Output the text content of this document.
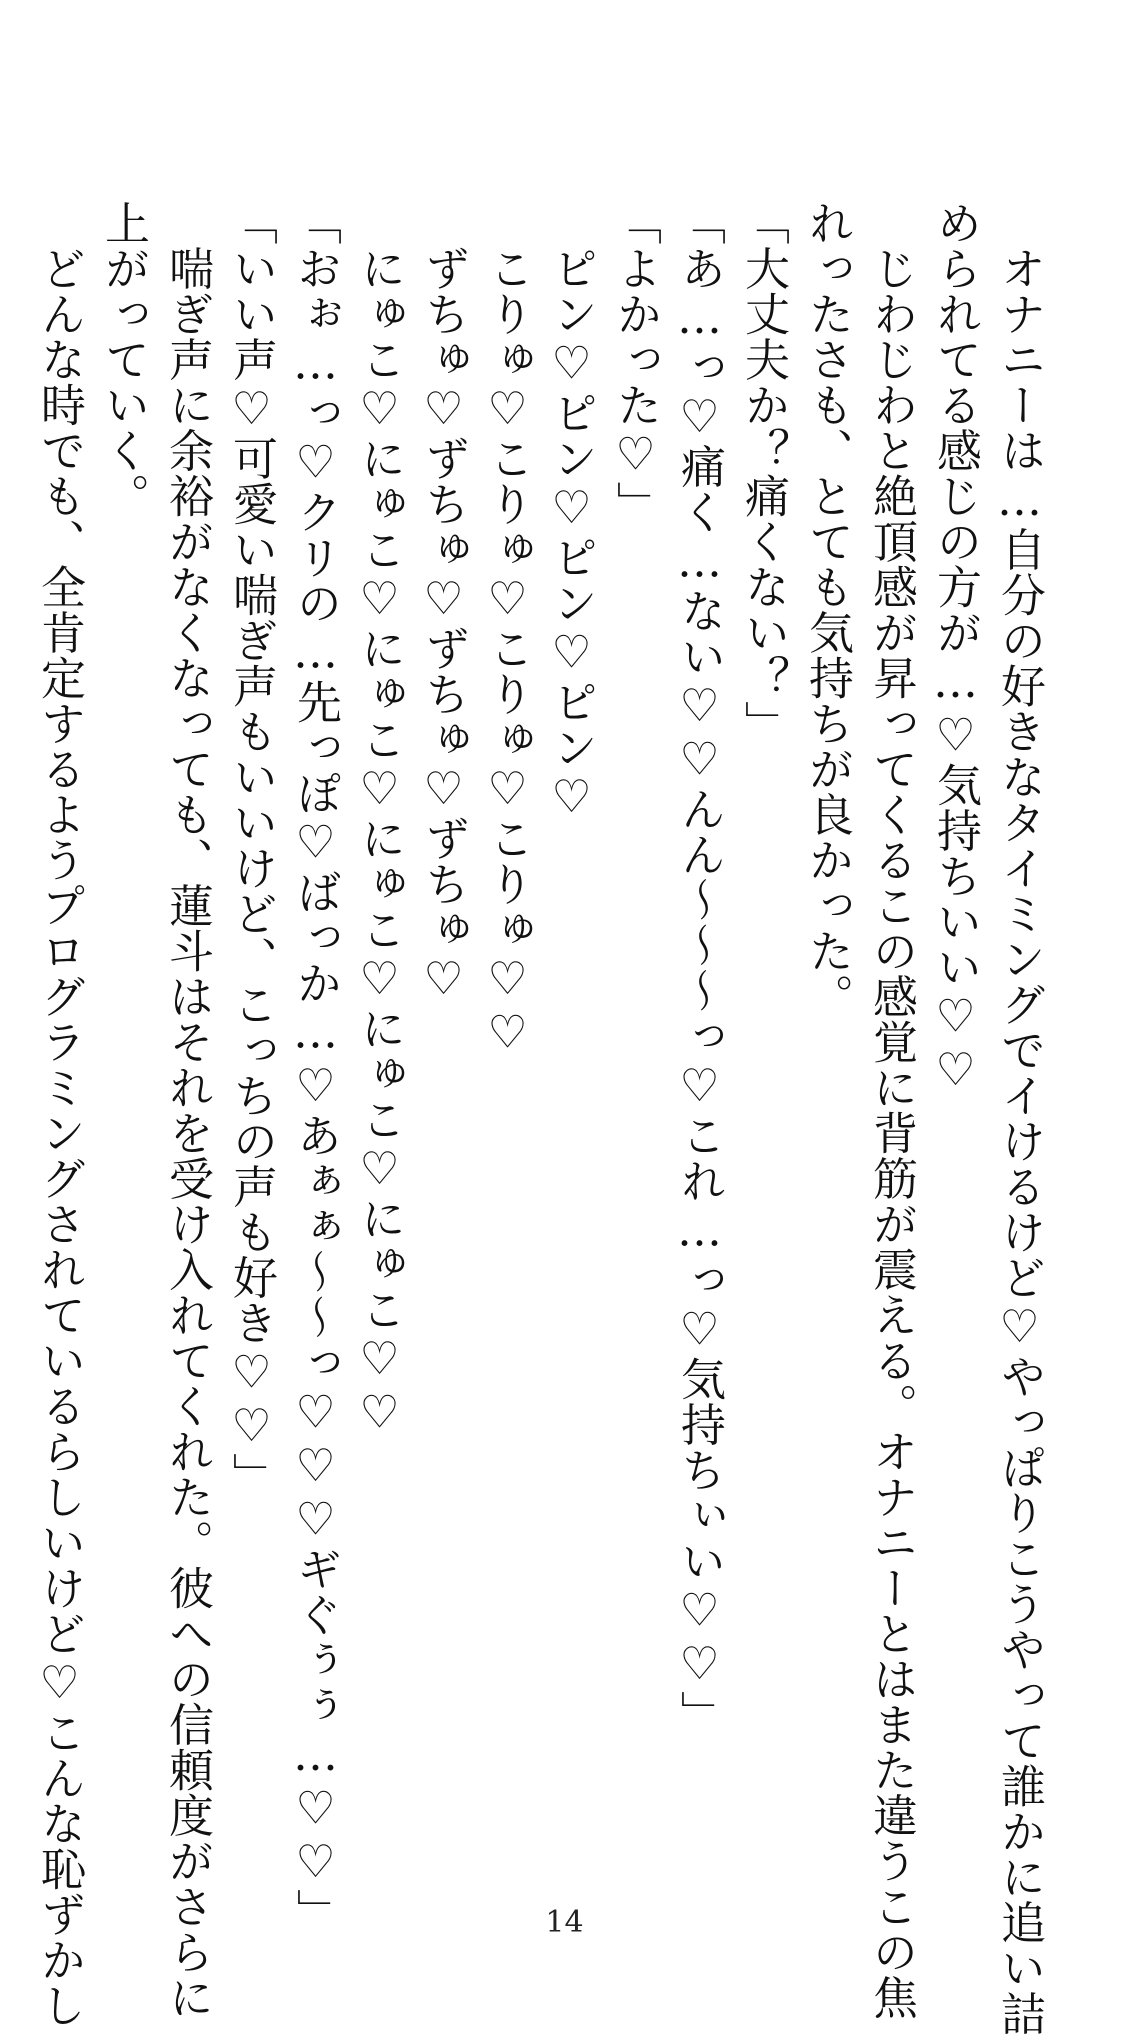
　オナニーは…自分の好きなタイミングでイけるけど♡やっぱりこうやって誰かに追い詰
められてる感じの方が…♡気持ちいい♡♡
　じわじわと絶頂感が昇ってくるこの感覚に背筋が震える。オナニーとはまた違うこの焦
れったさも、とても気持ちが良かった。
「大丈夫か？痛くない？」
「あ…っ♡痛く…ない♡♡んん〜〜〜っ♡これ…っ♡気持ちぃい♡♡」
「よかった♡」
　ピン♡ピン♡ピン♡ピン♡
　こりゅ♡こりゅ♡こりゅ♡こりゅ♡♡
　ずちゅ♡ずちゅ♡ずちゅ♡ずちゅ♡
　にゅこ♡にゅこ♡にゅこ♡にゅこ♡にゅこ♡にゅこ♡♡
「おぉ…っ♡クリの…先っぽ♡ばっか…♡あぁぁ〜〜っ♡♡♡ギぐぅぅ…♡♡」
「いい声♡可愛い喘ぎ声もいいけど、こっちの声も好き♡♡」
　喘ぎ声に余裕がなくなっても、蓮斗はそれを受け入れてくれた。彼への信頼度がさらに
上がっていく。
　どんな時でも、全肯定するようプログラミングされているらしいけど♡こんな恥ずかし	14
